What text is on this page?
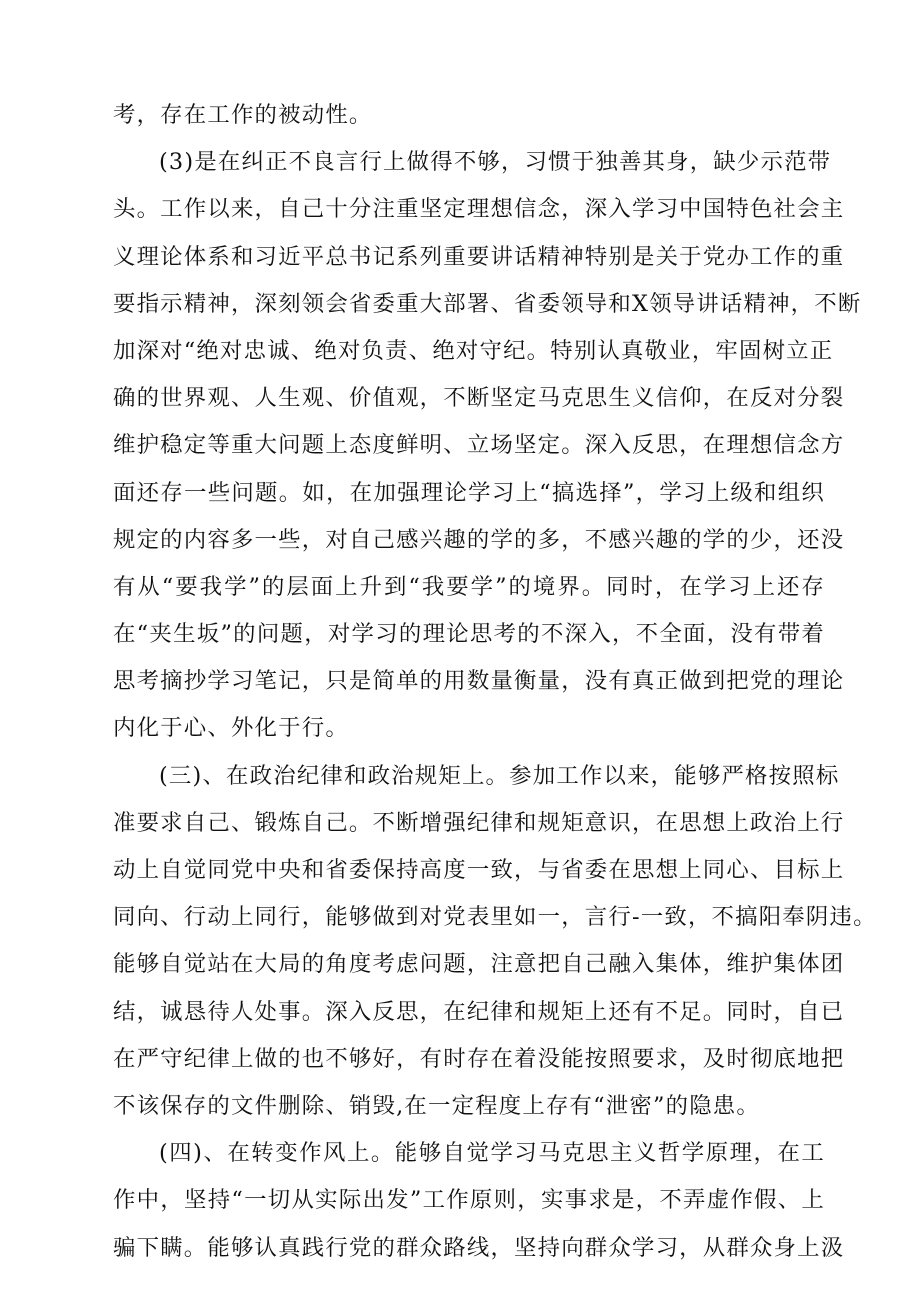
考，存在工作的被动性。
(3)是在纠正不良言行上做得不够，习惯于独善其身，缺少示范带
头。工作以来，自己十分注重坚定理想信念，深入学习中国特色社会主
义理论体系和习近平总书记系列重要讲话精神特别是关于党办工作的重
要指示精神，深刻领会省委重大部署、省委领导和X领导讲话精神，不断
加深对“绝对忠诚、绝对负责、绝对守纪。特别认真敬业，牢固树立正
确的世界观、人生观、价值观，不断坚定马克思生义信仰，在反对分裂
维护稳定等重大问题上态度鲜明、立场坚定。深入反思，在理想信念方
面还存一些问题。如，在加强理论学习上“搞选择”，学习上级和组织
规定的内容多一些，对自己感兴趣的学的多，不感兴趣的学的少，还没
有从“要我学”的层面上升到“我要学”的境界。同时，在学习上还存
在“夹生坂”的问题，对学习的理论思考的不深入，不全面，没有带着
思考摘抄学习笔记，只是简单的用数量衡量，没有真正做到把党的理论
内化于心、外化于行。
(三)、在政治纪律和政治规矩上。参加工作以来，能够严格按照标
准要求自己、锻炼自己。不断增强纪律和规矩意识，在思想上政治上行
动上自觉同党中央和省委保持高度一致，与省委在思想上同心、目标上
同向、行动上同行，能够做到对党表里如一，言行-一致，不搞阳奉阴违。
能够自觉站在大局的角度考虑问题，注意把自己融入集体，维护集体团
结，诚恳待人处事。深入反思，在纪律和规矩上还有不足。同时，自已
在严守纪律上做的也不够好，有时存在着没能按照要求，及时彻底地把
不该保存的文件删除、销毁,在一定程度上存有“泄密”的隐患。
(四)、在转变作风上。能够自觉学习马克思主义哲学原理，在工
作中，坚持“一切从实际出发”工作原则，实事求是，不弄虚作假、上
骗下瞒。能够认真践行党的群众路线，坚持向群众学习，从群众身上汲
